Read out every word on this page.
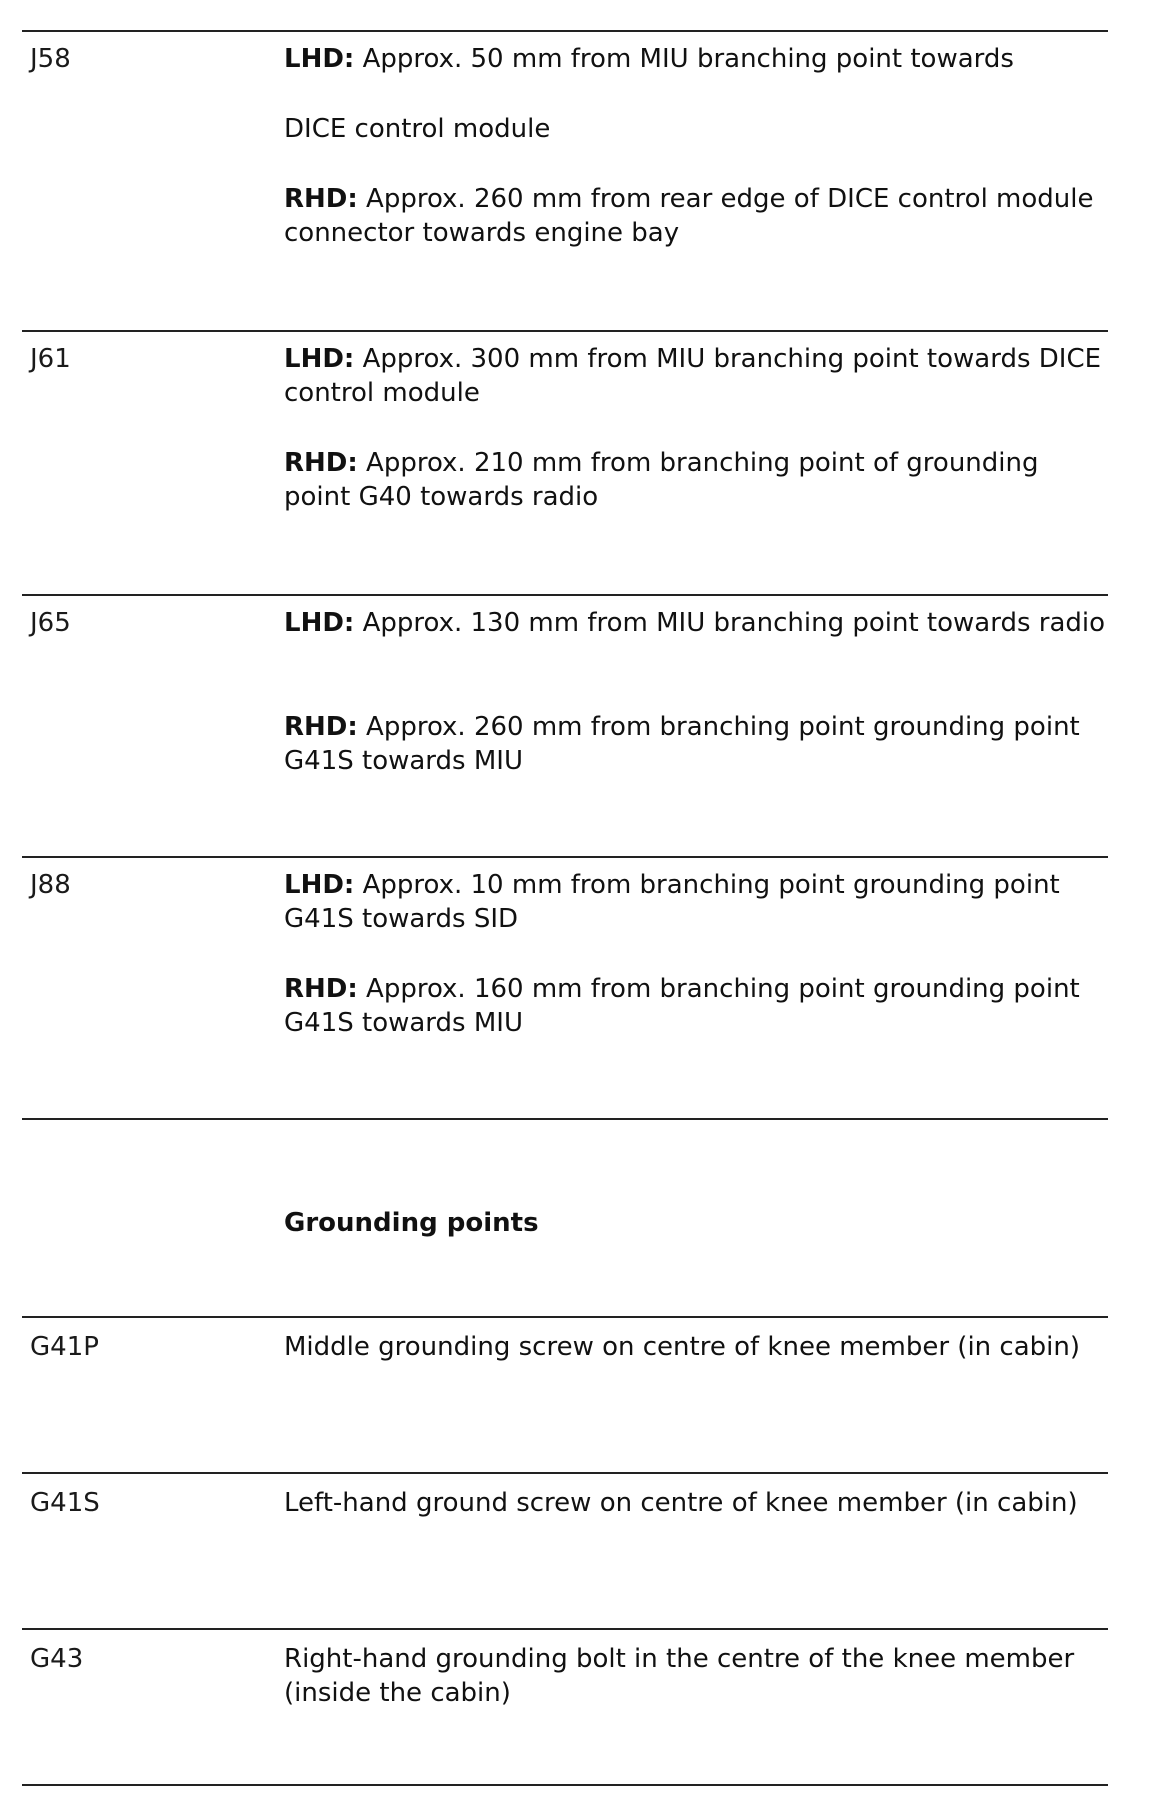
J58	LHD: Approx. 50 mm from MIU branching point towards
DICE control module
RHD: Approx. 260 mm from rear edge of DICE control module connector towards engine bay
J61	LHD: Approx. 300 mm from MIU branching point towards DICE control module
RHD: Approx. 210 mm from branching point of grounding point G40 towards radio
J65	LHD: Approx. 130 mm from MIU branching point towards radio
RHD: Approx. 260 mm from branching point grounding point G41S towards MIU
J88	LHD: Approx. 10 mm from branching point grounding point G41S towards SID
RHD: Approx. 160 mm from branching point grounding point G41S towards MIU
Grounding points
G41P	Middle grounding screw on centre of knee member (in cabin)
G41S	Left-hand ground screw on centre of knee member (in cabin)
G43	Right-hand grounding bolt in the centre of the knee member (inside the cabin)
